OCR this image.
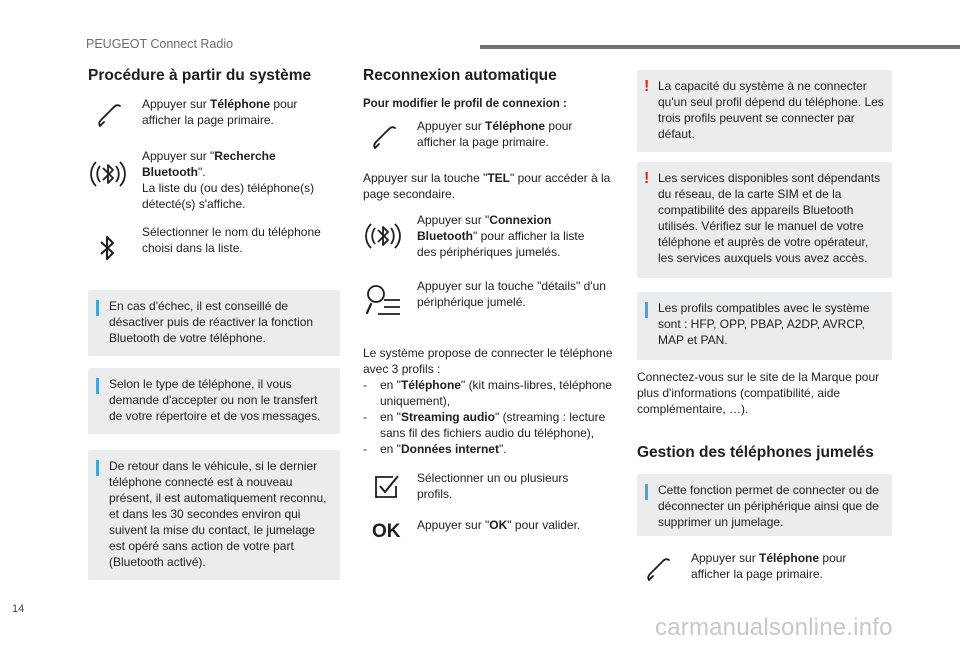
PEUGEOT Connect Radio
Procédure à partir du système
Appuyer sur Téléphone pour afficher la page primaire.
Appuyer sur "Recherche Bluetooth".
La liste du (ou des) téléphone(s) détecté(s) s'affiche.
Sélectionner le nom du téléphone choisi dans la liste.
En cas d'échec, il est conseillé de désactiver puis de réactiver la fonction Bluetooth de votre téléphone.
Selon le type de téléphone, il vous demande d'accepter ou non le transfert de votre répertoire et de vos messages.
De retour dans le véhicule, si le dernier téléphone connecté est à nouveau présent, il est automatiquement reconnu, et dans les 30 secondes environ qui suivent la mise du contact, le jumelage est opéré sans action de votre part (Bluetooth activé).
Reconnexion automatique
Pour modifier le profil de connexion :
Appuyer sur Téléphone pour afficher la page primaire.
Appuyer sur la touche "TEL" pour accéder à la page secondaire.
Appuyer sur "Connexion Bluetooth" pour afficher la liste des périphériques jumelés.
Appuyer sur la touche "détails" d'un périphérique jumelé.
Le système propose de connecter le téléphone avec 3 profils :
- en "Téléphone" (kit mains-libres, téléphone uniquement),
- en "Streaming audio" (streaming : lecture sans fil des fichiers audio du téléphone),
- en "Données internet".
Sélectionner un ou plusieurs profils.
OK Appuyer sur "OK" pour valider.
! La capacité du système à ne connecter qu'un seul profil dépend du téléphone. Les trois profils peuvent se connecter par défaut.
! Les services disponibles sont dépendants du réseau, de la carte SIM et de la compatibilité des appareils Bluetooth utilisés. Vérifiez sur le manuel de votre téléphone et auprès de votre opérateur, les services auxquels vous avez accès.
Les profils compatibles avec le système sont : HFP, OPP, PBAP, A2DP, AVRCP, MAP et PAN.
Connectez-vous sur le site de la Marque pour plus d'informations (compatibilité, aide complémentaire, …).
Gestion des téléphones jumelés
Cette fonction permet de connecter ou de déconnecter un périphérique ainsi que de supprimer un jumelage.
Appuyer sur Téléphone pour afficher la page primaire.
14
carmanualsonline.info
